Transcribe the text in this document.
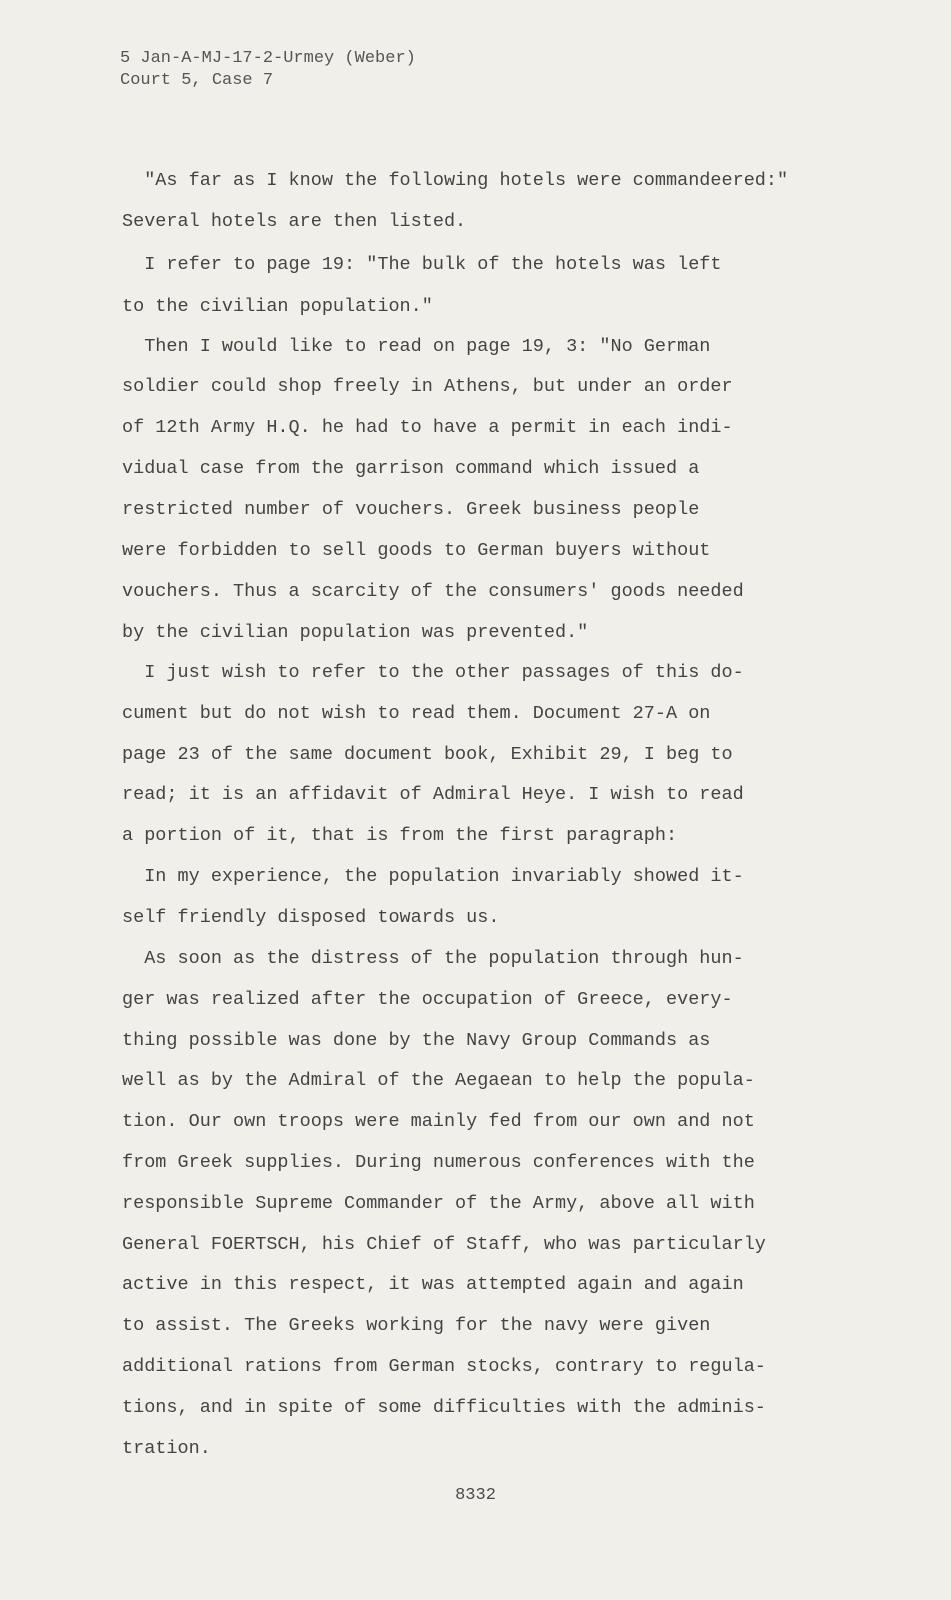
5 Jan-A-MJ-17-2-Urmey (Weber)
Court 5, Case 7
"As far as I know the following hotels were commandeered:"
Several hotels are then listed.
I refer to page 19: "The bulk of the hotels was left
to the civilian population."
Then I would like to read on page 19, 3: "No German
soldier could shop freely in Athens, but under an order
of 12th Army H.Q. he had to have a permit in each indi-
vidual case from the garrison command which issued a
restricted number of vouchers. Greek business people
were forbidden to sell goods to German buyers without
vouchers. Thus a scarcity of the consumers' goods needed
by the civilian population was prevented."
I just wish to refer to the other passages of this do-
cument but do not wish to read them. Document 27-A on
page 23 of the same document book, Exhibit 29, I beg to
read; it is an affidavit of Admiral Heye. I wish to read
a portion of it, that is from the first paragraph:
In my experience, the population invariably showed it-
self friendly disposed towards us.
As soon as the distress of the population through hun-
ger was realized after the occupation of Greece, every-
thing possible was done by the Navy Group Commands as
well as by the Admiral of the Aegaean to help the popula-
tion. Our own troops were mainly fed from our own and not
from Greek supplies. During numerous conferences with the
responsible Supreme Commander of the Army, above all with
General FOERTSCH, his Chief of Staff, who was particularly
active in this respect, it was attempted again and again
to assist. The Greeks working for the navy were given
additional rations from German stocks, contrary to regula-
tions, and in spite of some difficulties with the adminis-
tration.
8332
